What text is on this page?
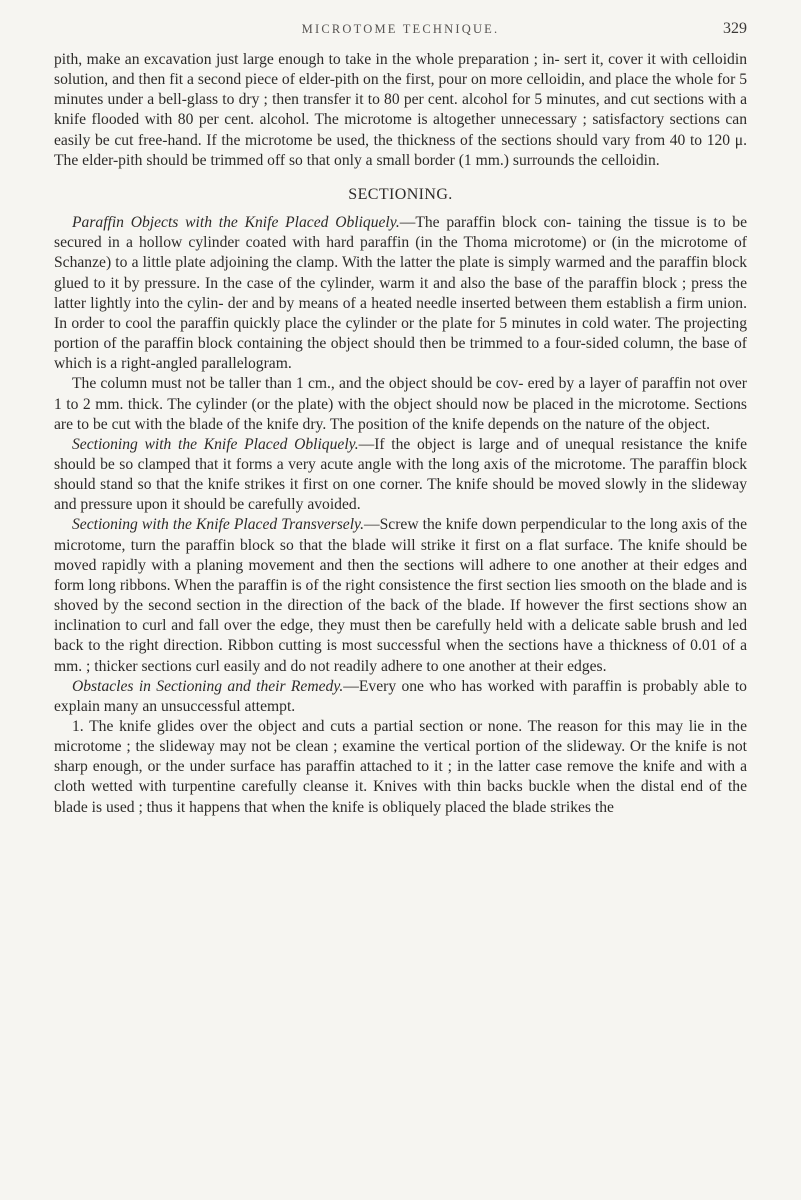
MICROTOME TECHNIQUE.	329

pith, make an excavation just large enough to take in the whole preparation ; in- sert it, cover it with celloidin solution, and then fit a second piece of elder-pith on the first, pour on more celloidin, and place the whole for 5 minutes under a bell-glass to dry ; then transfer it to 80 per cent. alcohol for 5 minutes, and cut sections with a knife flooded with 80 per cent. alcohol. The microtome is altogether unnecessary ; satisfactory sections can easily be cut free-hand. If the microtome be used, the thickness of the sections should vary from 40 to 120 μ. The elder-pith should be trimmed off so that only a small border (1 mm.) surrounds the celloidin.

SECTIONING.

Paraffin Objects with the Knife Placed Obliquely.—The paraffin block con- taining the tissue is to be secured in a hollow cylinder coated with hard paraffin (in the Thoma microtome) or (in the microtome of Schanze) to a little plate adjoining the clamp. With the latter the plate is simply warmed and the paraffin block glued to it by pressure. In the case of the cylinder, warm it and also the base of the paraffin block ; press the latter lightly into the cylin- der and by means of a heated needle inserted between them establish a firm union. In order to cool the paraffin quickly place the cylinder or the plate for 5 minutes in cold water. The projecting portion of the paraffin block containing the object should then be trimmed to a four-sided column, the base of which is a right-angled parallelogram.

The column must not be taller than 1 cm., and the object should be cov- ered by a layer of paraffin not over 1 to 2 mm. thick. The cylinder (or the plate) with the object should now be placed in the microtome. Sections are to be cut with the blade of the knife dry. The position of the knife depends on the nature of the object.

Sectioning with the Knife Placed Obliquely.—If the object is large and of unequal resistance the knife should be so clamped that it forms a very acute angle with the long axis of the microtome. The paraffin block should stand so that the knife strikes it first on one corner. The knife should be moved slowly in the slideway and pressure upon it should be carefully avoided.

Sectioning with the Knife Placed Transversely.—Screw the knife down perpendicular to the long axis of the microtome, turn the paraffin block so that the blade will strike it first on a flat surface. The knife should be moved rapidly with a planing movement and then the sections will adhere to one another at their edges and form long ribbons. When the paraffin is of the right consistence the first section lies smooth on the blade and is shoved by the second section in the direction of the back of the blade. If however the first sections show an inclination to curl and fall over the edge, they must then be carefully held with a delicate sable brush and led back to the right direction. Ribbon cutting is most successful when the sections have a thickness of 0.01 of a mm. ; thicker sections curl easily and do not readily adhere to one another at their edges.

Obstacles in Sectioning and their Remedy.—Every one who has worked with paraffin is probably able to explain many an unsuccessful attempt.

1. The knife glides over the object and cuts a partial section or none. The reason for this may lie in the microtome ; the slideway may not be clean ; examine the vertical portion of the slideway. Or the knife is not sharp enough, or the under surface has paraffin attached to it ; in the latter case remove the knife and with a cloth wetted with turpentine carefully cleanse it. Knives with thin backs buckle when the distal end of the blade is used ; thus it happens that when the knife is obliquely placed the blade strikes the
